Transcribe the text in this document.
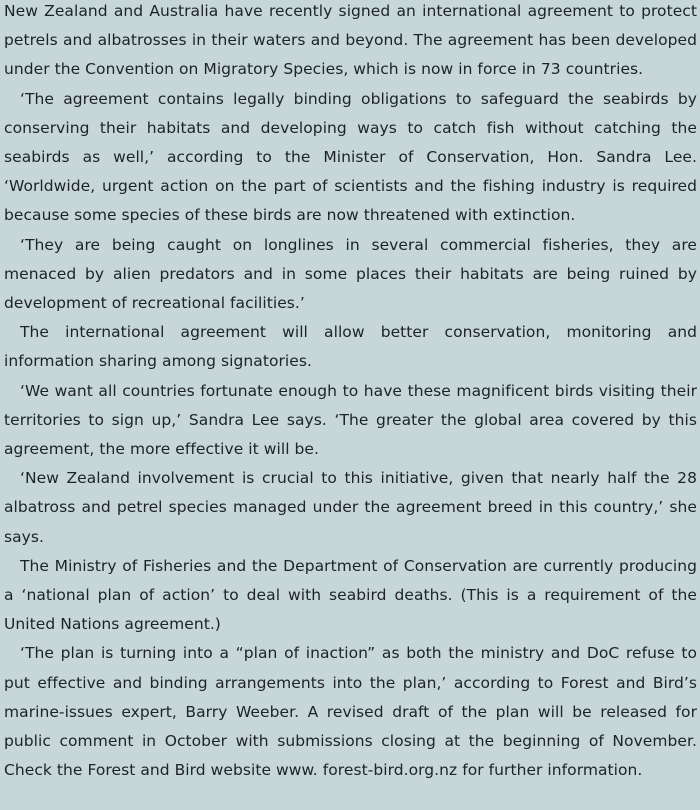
New Zealand and Australia have recently signed an international agreement to protect petrels and albatrosses in their waters and beyond. The agreement has been developed under the Convention on Migratory Species, which is now in force in 73 countries.

‘The agreement contains legally binding obligations to safeguard the seabirds by conserving their habitats and developing ways to catch fish without catching the seabirds as well,’ according to the Minister of Conservation, Hon. Sandra Lee. ‘Worldwide, urgent action on the part of scientists and the fishing industry is required because some species of these birds are now threatened with extinction.

‘They are being caught on longlines in several commercial fisheries, they are menaced by alien predators and in some places their habitats are being ruined by development of recreational facilities.’

The international agreement will allow better conservation, monitoring and information sharing among signatories.

‘We want all countries fortunate enough to have these magnificent birds visiting their territories to sign up,’ Sandra Lee says. ‘The greater the global area covered by this agreement, the more effective it will be.

‘New Zealand involvement is crucial to this initiative, given that nearly half the 28 albatross and petrel species managed under the agreement breed in this country,’ she says.

The Ministry of Fisheries and the Department of Conservation are currently producing a ‘national plan of action’ to deal with seabird deaths. (This is a requirement of the United Nations agreement.)

‘The plan is turning into a “plan of inaction” as both the ministry and DoC refuse to put effective and binding arrangements into the plan,’ according to Forest and Bird’s marine-issues expert, Barry Weeber. A revised draft of the plan will be released for public comment in October with submissions closing at the beginning of November. Check the Forest and Bird website www. forest-bird.org.nz for further information.
